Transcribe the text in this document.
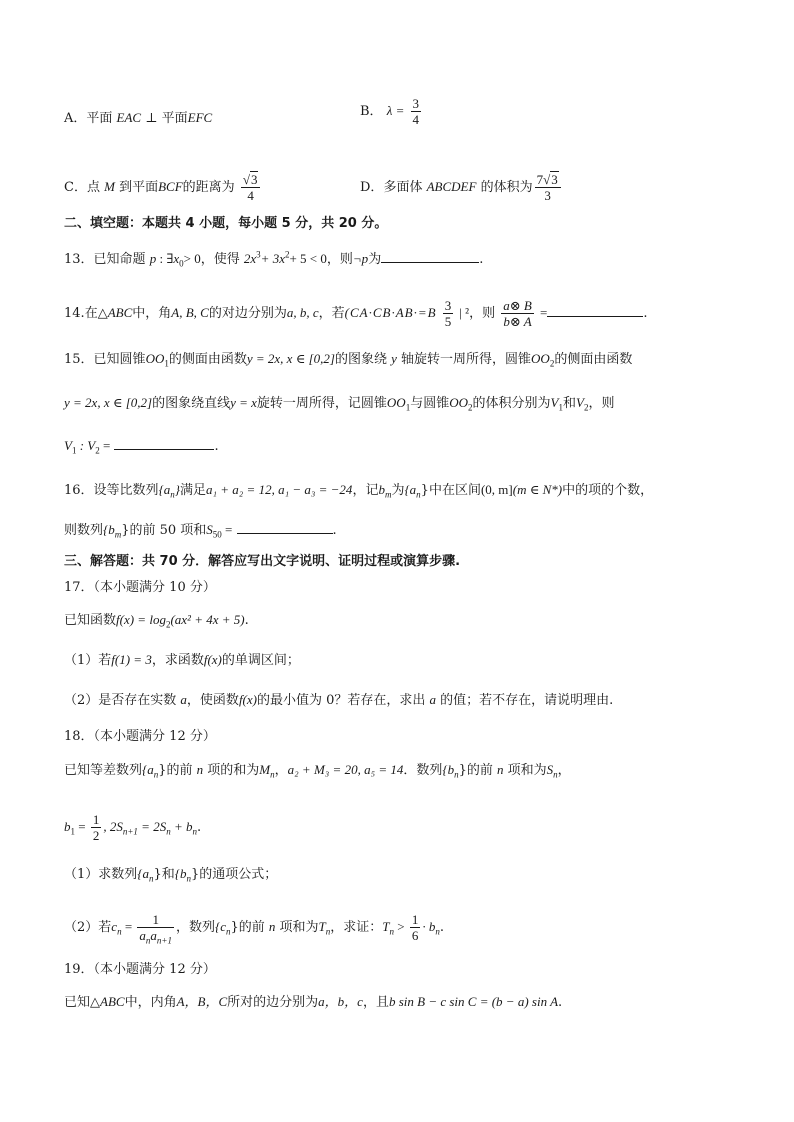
A．平面 EAC ⊥ 平面EFC	B． $\lambda = \frac{3}{4}$
C．点 M 到平面BCF的距离为 $\frac{√3}{4}$	D．多面体 ABCDEF 的体积为 $\frac{7√3}{3}$
二、填空题：本题共 4 小题，每小题 5 分，共 20 分。
13．已知命题 p : $\exists x_0> 0$，使得 $2x^3+ 3x^2+ 5 < 0$，则¬p为	.
14.在△ABC中，角A, B, C的对边分别为a, b, c，若($CA\cdot CB\cdot AB\cdot=B \frac{3}{5}$ | ²，则 $\frac{a\otimes B}{b\otimes A}$ =	.
15．已知圆锥$OO_1$的侧面由函数y = 2x, x ∈ [0,2]的图象绕 y 轴旋转一周所得，圆锥$OO_2$的侧面由函数
y = 2x, x ∈ [0,2]的图象绕直线y = x旋转一周所得，记圆锥$OO_1$与圆锥$OO_2$的体积分别为$V_1$和$V_2$，则
$V_1$ : $V_2$ =	.
16．设等比数列$\{a_n\}$满足a₁ + a₂ = 12, a₁ − a₃ = −24，记$b_m$为$\{a_n\}$中在区间(0, m](m ∈ N*)中的项的个数，
则数列$\{b_m\}$的前 50 项和$S_{50}$ =	.
三、解答题：共 70 分．解答应写出文字说明、证明过程或演算步骤.
17．（本小题满分 10 分）
已知函数$f(x) = \log_2(ax^2 + 4x + 5)$.
（1）若f(1) = 3，求函数f(x)的单调区间；
（2）是否存在实数 a，使函数f(x)的最小值为 0？若存在，求出 a 的值；若不存在，请说明理由.
18．（本小题满分 12 分）
已知等差数列$\{a_n\}$的前 n 项的和为$M_n$，a₂ + M₃ = 20, a₅ = 14．数列$\{b_n\}$的前 n 项和为$S_n$，
$b_1 = \frac{1}{2}$ , $2S_{n+1} = 2S_n + b_n$.
（1）求数列$\{a_n\}$和$\{b_n\}$的通项公式；
（2）若$c_n = \frac{1}{a_na_{n+1}}$ ，数列$\{c_n\}$的前 n 项和为$T_n$，求证：$T_n > \frac{1}{6} \cdot b_n$.
19．（本小题满分 12 分）
已知△ABC中，内角A，B，C所对的边分别为a，b，c，且b sin B − c sin C = (b − a) sin A.
